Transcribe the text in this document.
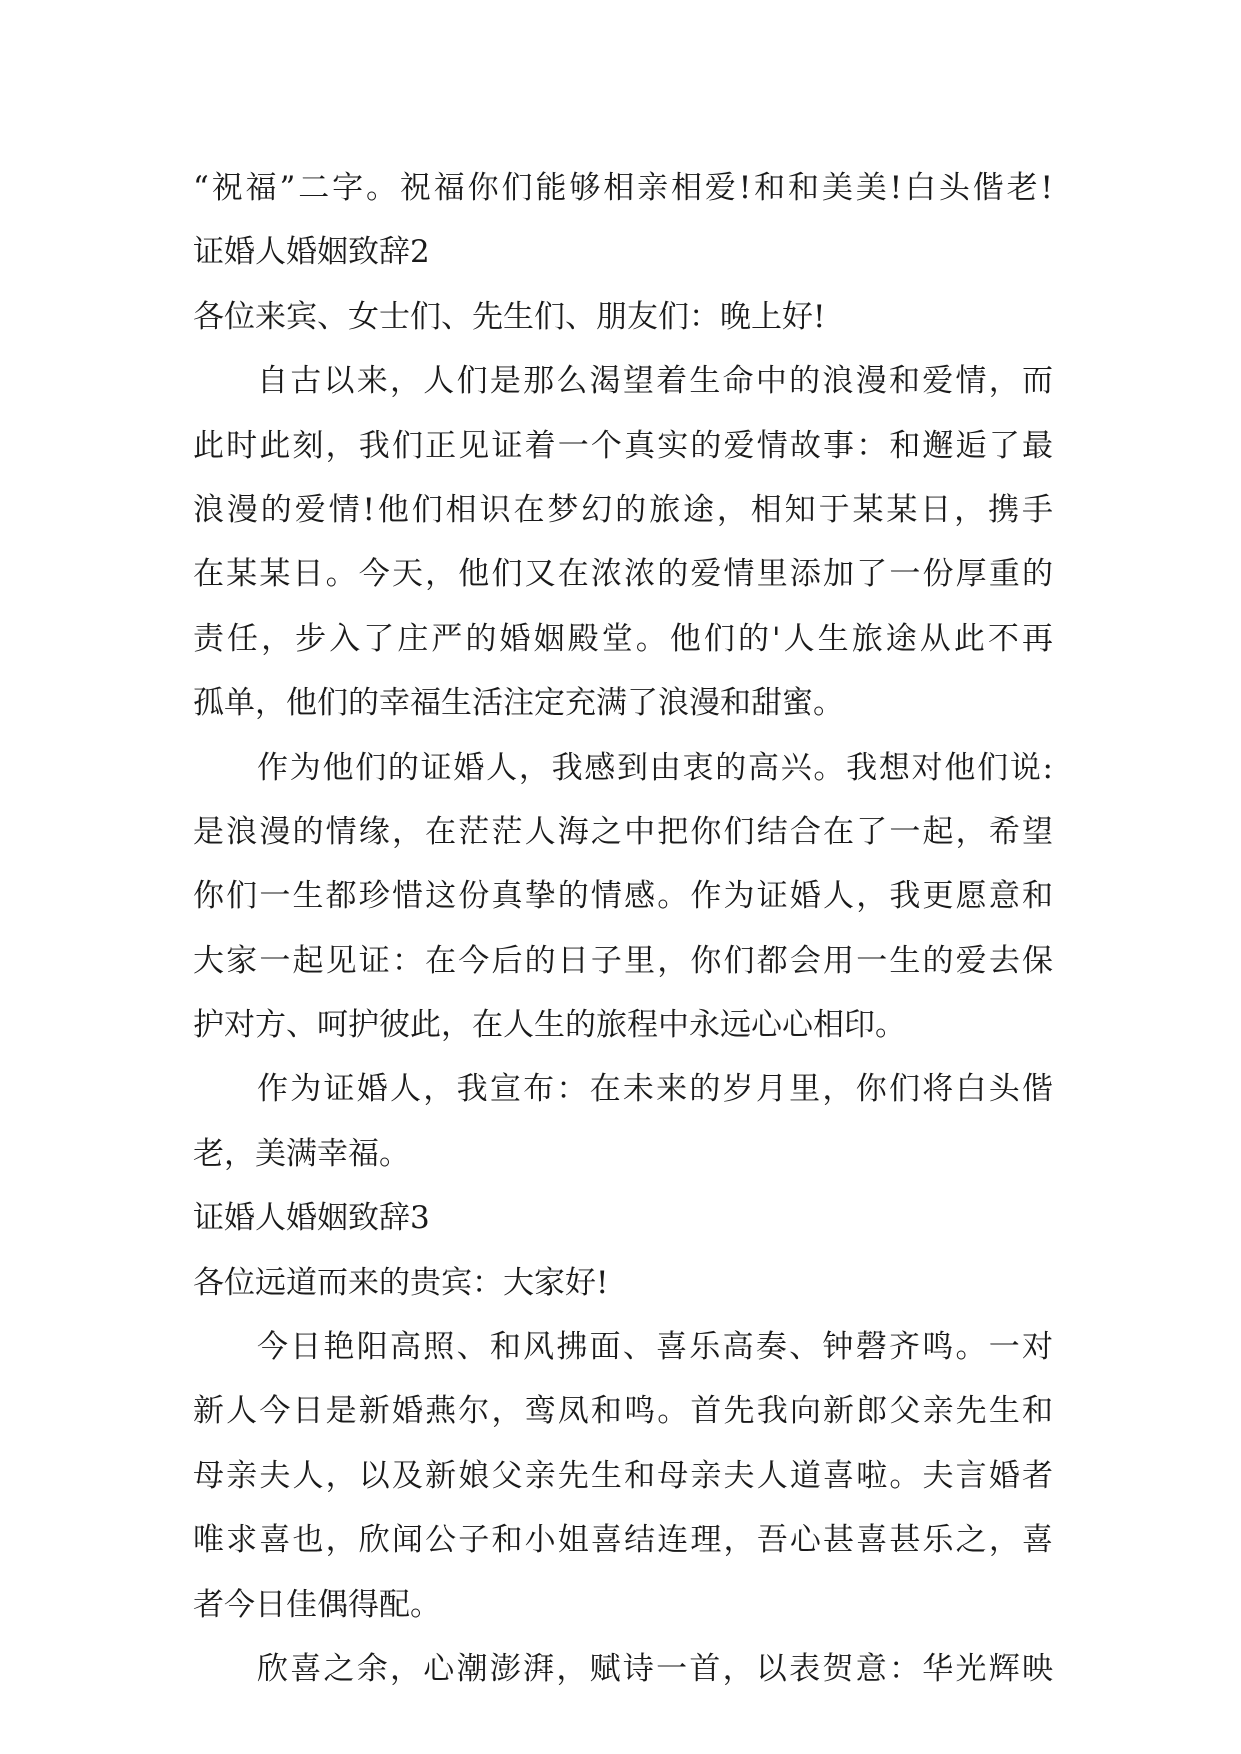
“祝福”二字。祝福你们能够相亲相爱!和和美美!白头偕老!
证婚人婚姻致辞2
各位来宾、女士们、先生们、朋友们：晚上好!
自古以来，人们是那么渴望着生命中的浪漫和爱情，而
此时此刻，我们正见证着一个真实的爱情故事：和邂逅了最
浪漫的爱情!他们相识在梦幻的旅途，相知于某某日，携手
在某某日。今天，他们又在浓浓的爱情里添加了一份厚重的
责任，步入了庄严的婚姻殿堂。他们的'人生旅途从此不再
孤单，他们的幸福生活注定充满了浪漫和甜蜜。
作为他们的证婚人，我感到由衷的高兴。我想对他们说:
是浪漫的情缘，在茫茫人海之中把你们结合在了一起，希望
你们一生都珍惜这份真挚的情感。作为证婚人，我更愿意和
大家一起见证：在今后的日子里，你们都会用一生的爱去保
护对方、呵护彼此，在人生的旅程中永远心心相印。
作为证婚人，我宣布：在未来的岁月里，你们将白头偕
老，美满幸福。
证婚人婚姻致辞3
各位远道而来的贵宾：大家好!
今日艳阳高照、和风拂面、喜乐高奏、钟磬齐鸣。一对
新人今日是新婚燕尔，鸾凤和鸣。首先我向新郎父亲先生和
母亲夫人，以及新娘父亲先生和母亲夫人道喜啦。夫言婚者
唯求喜也，欣闻公子和小姐喜结连理，吾心甚喜甚乐之，喜
者今日佳偶得配。
欣喜之余，心潮澎湃，赋诗一首，以表贺意：华光辉映
